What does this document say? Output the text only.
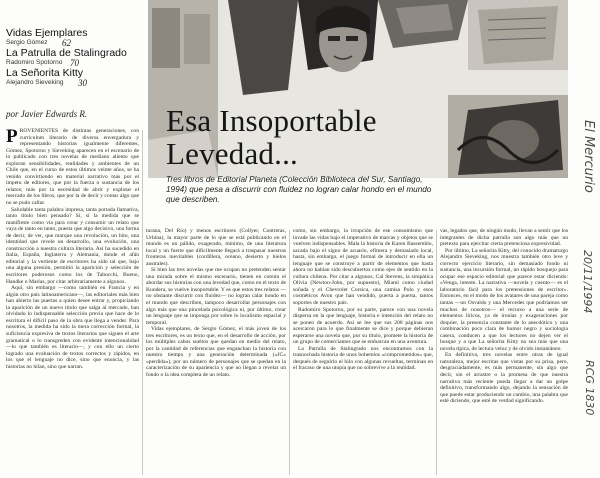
Vidas Ejemplares
Sergio Gómez	62
La Patrulla de Stalingrado
Radomiro Spotorno 70
La Señorita Kitty
Alejandro Sieveking	30
por Javier Edwards R.	Esa Insoportable
Levedad...
Tres libros de Editorial Planeta (Colección Biblioteca del Sur, Santiago, 1994) que pesa a discurrir con fluidez no logran calar hondo en el mundo que describen.

PROVENIENTES de distintas generaciones, con curriculum literario de diversa envergadura y representando historias igualmente diferentes, Gómez, Spotorno y Sieveking aparecen en el escenario de lo publicado con tres novelas de mediano aliento que exploran sensibilidades, realidades y ambientes de un Chile que, en el curso de estos últimos veinte años, se ha venido convirtiendo en material narrativo más por el impetu de editores, que por la fuerza o sustancia de los relatos; más por la necesidad de abrir y explotar el mercado de los libros, que por la de decir y contar algo que no se pudo callar.

Saludable tanta palabra impresa, tanta portada llamativa, tanto titulo bien pensado? Sí, si la medida que se manifieste como via para crear y consumir un relato que vaya de tanto en tanto, puesta que algo decisivo, una forma de decir, de ver, que marque una revolución, un hito, una identidad que revele un desarrollo, una evolución, una construcción a nuestra cultura literaria. Así ha sucedido en Italia, España, Inglaterra y Alemania, donde el afán editorial y la vertiente de escritores ha sido tal que, bajo una alguna presión, permitió la aparición y selección de escritores poderosos como los de Tabucchi, Bueno, Handke o Marías, por citar arbitrariamente a algunos.

Aquí, sin embargo —como también en Francia y en algún otro país latinoamericano—, las editoriales más bien han abierto las puertas a quien desee entrar y, propiciando la aparición de un nuevo titulo que salga al mercado, han olvidado lo indispensable selección previa que hace de lo escritura el difícil paso de la obra que llega a vender. Para nosotros, la medida ha sido la mera corrección formal, la suficiencia expresiva de textos literarios que siguen el arte gramatical o lo transgreden con evidente intencionalidad —lo que también es literario—, y con ello un cierto logrado una evaluación de textos correctos y rápidos, en los que el lenguaje no dice, sino que enuncia, y las historias no hilan, sino que narran.

turana, Del Río) y menos escritores (Collyer, Contreras, Urbina), la mayor parte de lo que se está publicando en el mundo es un pálido, exagerado, mínimo, de una literatura local y un fuerte que dificilmente llegará a traspasar nuestras fronteras inevitables (cordillera, océano, desierto y hielos australes).

Si bien las tres novelas que me ocupan no pretenden sentar una mirada sobre el mismo escenario, tienen en común el abordar sus historias con una levedad que, como en el texto de Kundera, se vuelve insoportable. Y es que estos tres relatos —no obstante discurrir con fluidez— no logran calar hondo en el mundo que describen, tampoco desarrollar personajes con algo más que una pincelada psicológica ni, por último, crear un lenguaje que se imponga por sobre lo localismo espacial y temporal.

Vidas ejemplares, de Sergio Gómez, el más joven de los tres escritores, es un texto que, en el desarrollo de acción, por los múltiples cabos sueltos que quedan en medio del relato, por la cantidad de referencias que enganchan la historia con nuestro tiempo y una generación determinada («JC» «perdida»), por un número de personajes que se quedan en la caracterización de su apariencia y que no llegan a revelar un fondo o la idea completa de un relato.

como, sin embargo, la irrupción de ese consumismo que invade las vidas bajo el imperativo de marcas y objetos que se vuelven indispensables. Mala la historia de Karen Bassemblo, sacada bajo el signo de acuario, efímera y demasiado local, hasta, sin embargo, el juego formal de introducir en ella un lenguaje que se construye a partir de elementos que hasta ahora no habían sido descubiertos como ejes de sentido en la cultura chilena. Por citar a algunos, Cal Stevens, la simpática Olivia (Newton-John, por supuesto), Miami como ciudad soñada y el Chevrolet Corsica, una camisa Polo y esos cosméticos Avon que han vendido, puerta a puerta, tantos soportes de nuestro país.

Radomiro Spotorno, por su parte, parece con una novela dispersa en la que lenguaje, historia e intención del relato no se ponen de acuerdo. Así se lee que sus 208 páginas nos acercaron para lo que finalmente se dice y porque debieran esperarse una novela que, por su título, promete la historia de un grupo de comerciantes que se embarcan en una aventura.

La Patrulla de Stalingrado nos encontramos con la trasnochada historia de unos bohemios «comprometidos» que, después de seguirlo el hilo con algunas revueltas, terminan en el fracaso de una utopía que no sobrevive a la realidad.

vas, legados que, de ningún modo, llevan a sentir que los integrantes de dicha patrulla son algo más que un pretexto para ejercitar cierta pretenciosa expresividad.

Por último, La señorita Kitty, del conocido dramaturgo Alejandro Sieveking, nos muestra también otro leve y correcto ejercicio literario, sin demasiado fondo ni sustancia, una incursión formal, un rápido bosquejo para ocupar ese espacio editorial que parece estar diciendo: «Venga, intente. La narrativa —novela y cuento— es el laboratorio fácil para los pretensiones de escritor». Entonces, en el modo de los avatares de una pareja como tantas —un Osvaldo y una Mercedes que podríamos ser muchos de nosotros— el recurso a una serie de elementos líricos, ya de ironías y exageraciones por doquier, la presencia constante de lo anecdótico y una combinación poco clara de humor negro y sociología casera, conducen a que los lectores no dejen ver el bosque y a que La señorita Kitty no sea más que una novela típica, de lectura veloz y de olvido instantáneo.

En definitiva, tres novelas entre otras de igual naturaleza, mejor escritas que vistas por su prisa, pero, desgraciadamente, es más permanente, sin algo que decir, sin el arrastre o la promesa de que nuestra narrativa más reciente pueda llegar a dar un golpe definitivo, transformando algo, dejando la sensación de que puede estar produciendo un cambio, una palabra que esté diciendo, que esté de verdad significando.

El Mercurio
20/11/1994
RCG 1830
